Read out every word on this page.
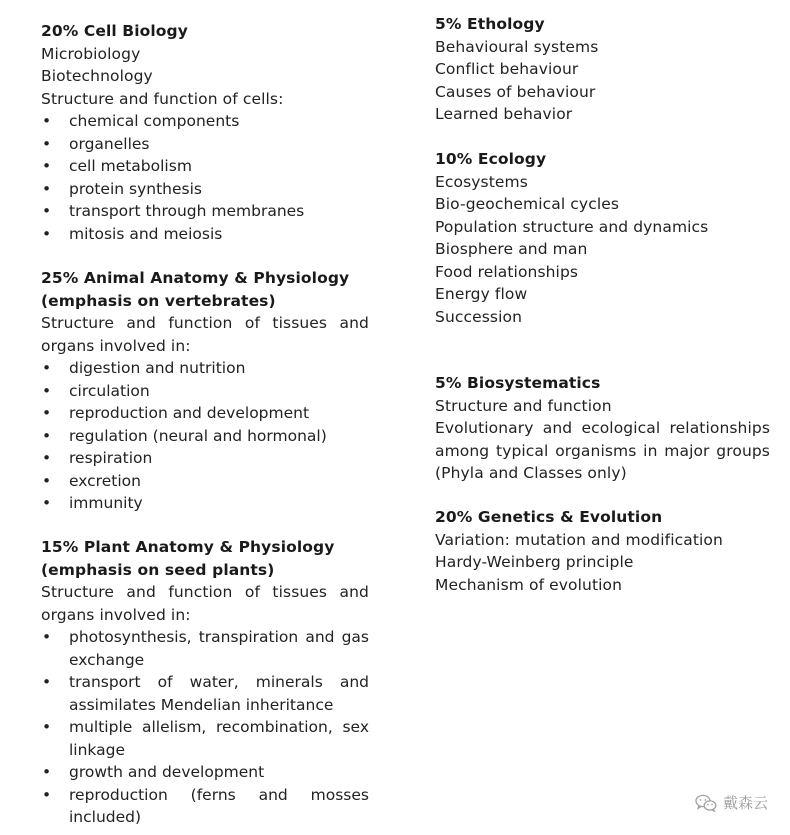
20% Cell Biology
Microbiology
Biotechnology
Structure and function of cells:
• chemical components
• organelles
• cell metabolism
• protein synthesis
• transport through membranes
• mitosis and meiosis
25% Animal Anatomy & Physiology
(emphasis on vertebrates)
Structure and function of tissues and organs involved in:
• digestion and nutrition
• circulation
• reproduction and development
• regulation (neural and hormonal)
• respiration
• excretion
• immunity
15% Plant Anatomy & Physiology
(emphasis on seed plants)
Structure and function of tissues and organs involved in:
• photosynthesis, transpiration and gas exchange
• transport of water, minerals and assimilates Mendelian inheritance
• multiple allelism, recombination, sex linkage
• growth and development
• reproduction (ferns and mosses included)
5% Ethology
Behavioural systems
Conflict behaviour
Causes of behaviour
Learned behavior
10% Ecology
Ecosystems
Bio-geochemical cycles
Population structure and dynamics
Biosphere and man
Food relationships
Energy flow
Succession
5% Biosystematics
Structure and function
Evolutionary and ecological relationships among typical organisms in major groups (Phyla and Classes only)
20% Genetics & Evolution
Variation: mutation and modification
Hardy-Weinberg principle
Mechanism of evolution
戴森云
